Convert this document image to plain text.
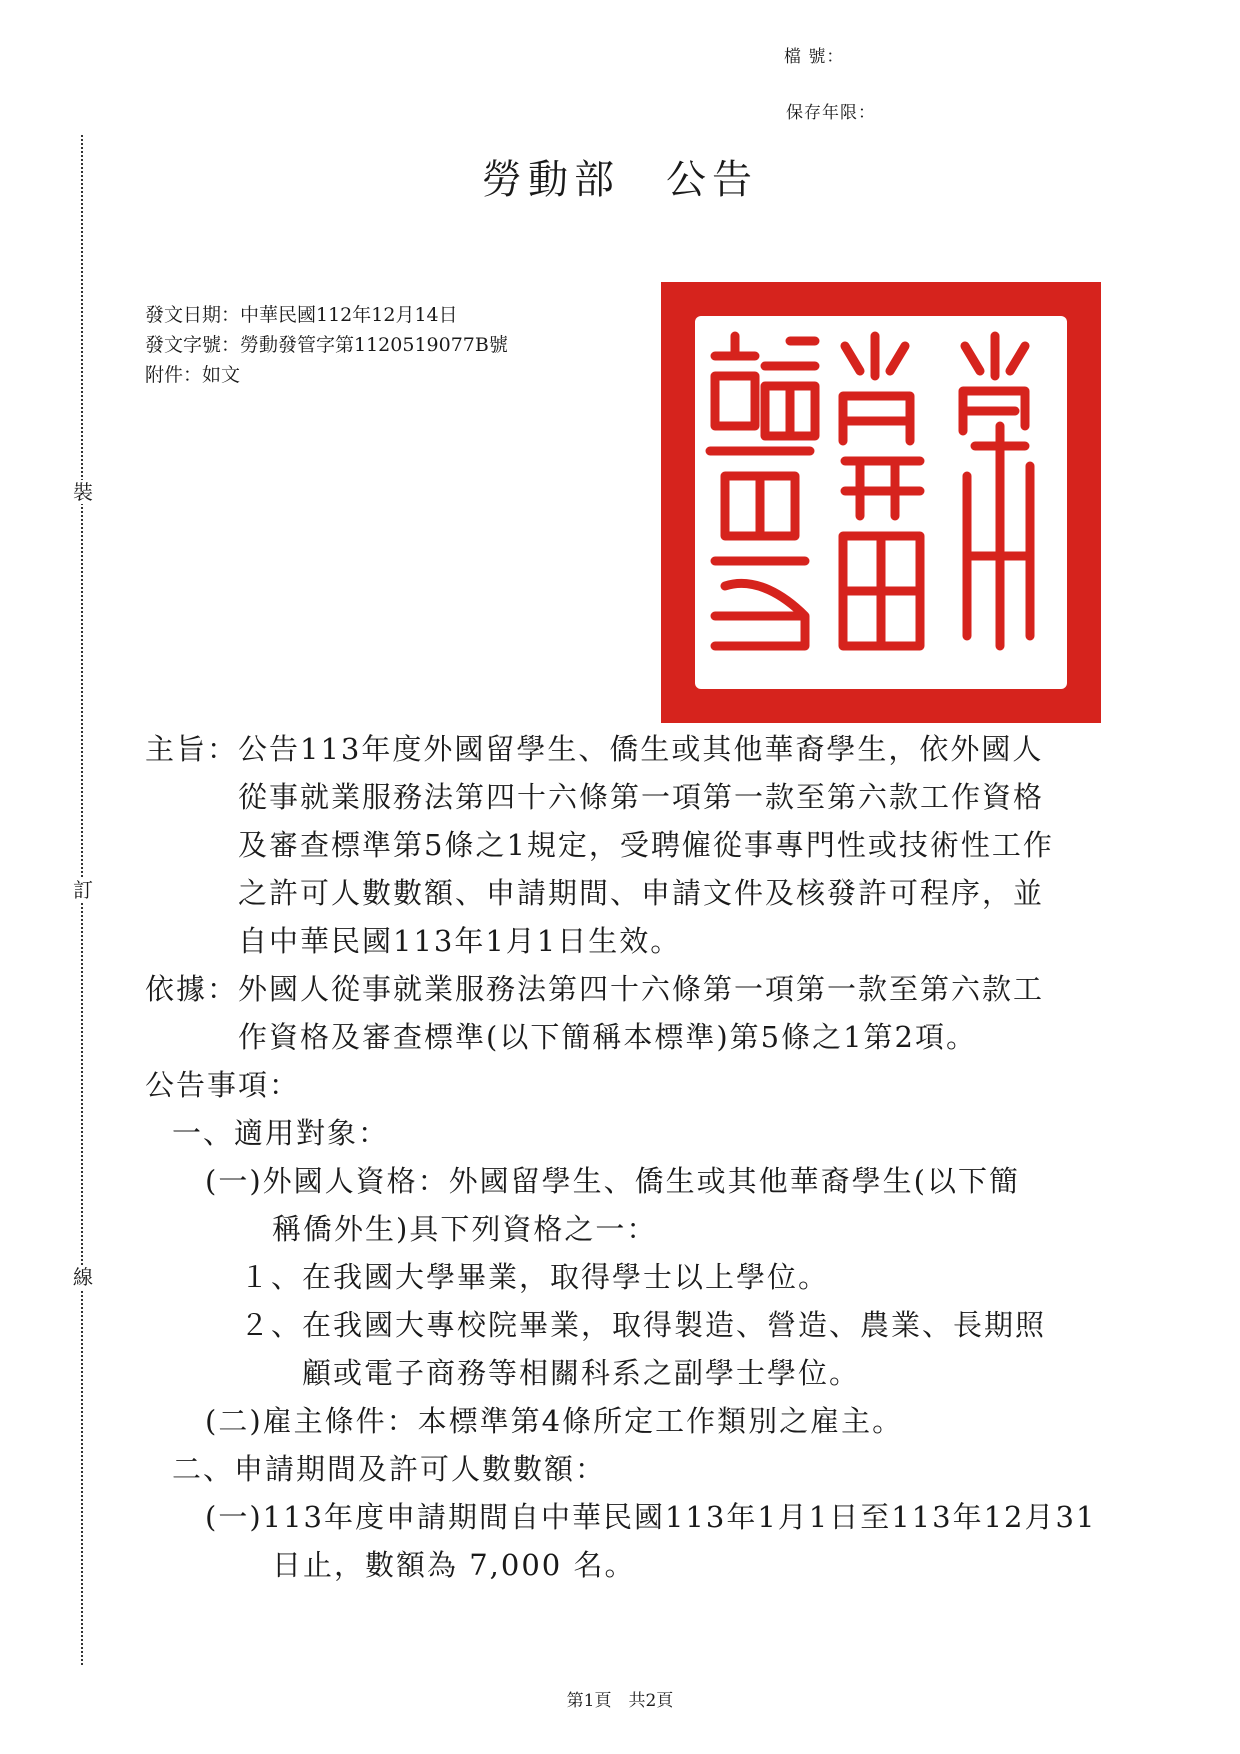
裝
訂
線
檔 號：
保存年限：
勞動部　公告
發文日期：中華民國112年12月14日
發文字號：勞動發管字第1120519077B號
附件：如文
主旨：公告113年度外國留學生、僑生或其他華裔學生，依外國人
從事就業服務法第四十六條第一項第一款至第六款工作資格
及審查標準第5條之1規定，受聘僱從事專門性或技術性工作
之許可人數數額、申請期間、申請文件及核發許可程序，並
自中華民國113年1月1日生效。
依據：外國人從事就業服務法第四十六條第一項第一款至第六款工
作資格及審查標準(以下簡稱本標準)第5條之1第2項。
公告事項：
一、適用對象：
(一)外國人資格：外國留學生、僑生或其他華裔學生(以下簡
稱僑外生)具下列資格之一：
１、在我國大學畢業，取得學士以上學位。
２、在我國大專校院畢業，取得製造、營造、農業、長期照
顧或電子商務等相關科系之副學士學位。
(二)雇主條件：本標準第4條所定工作類別之雇主。
二、申請期間及許可人數數額：
(一)113年度申請期間自中華民國113年1月1日至113年12月31
日止，數額為 7,000 名。
第1頁　共2頁
